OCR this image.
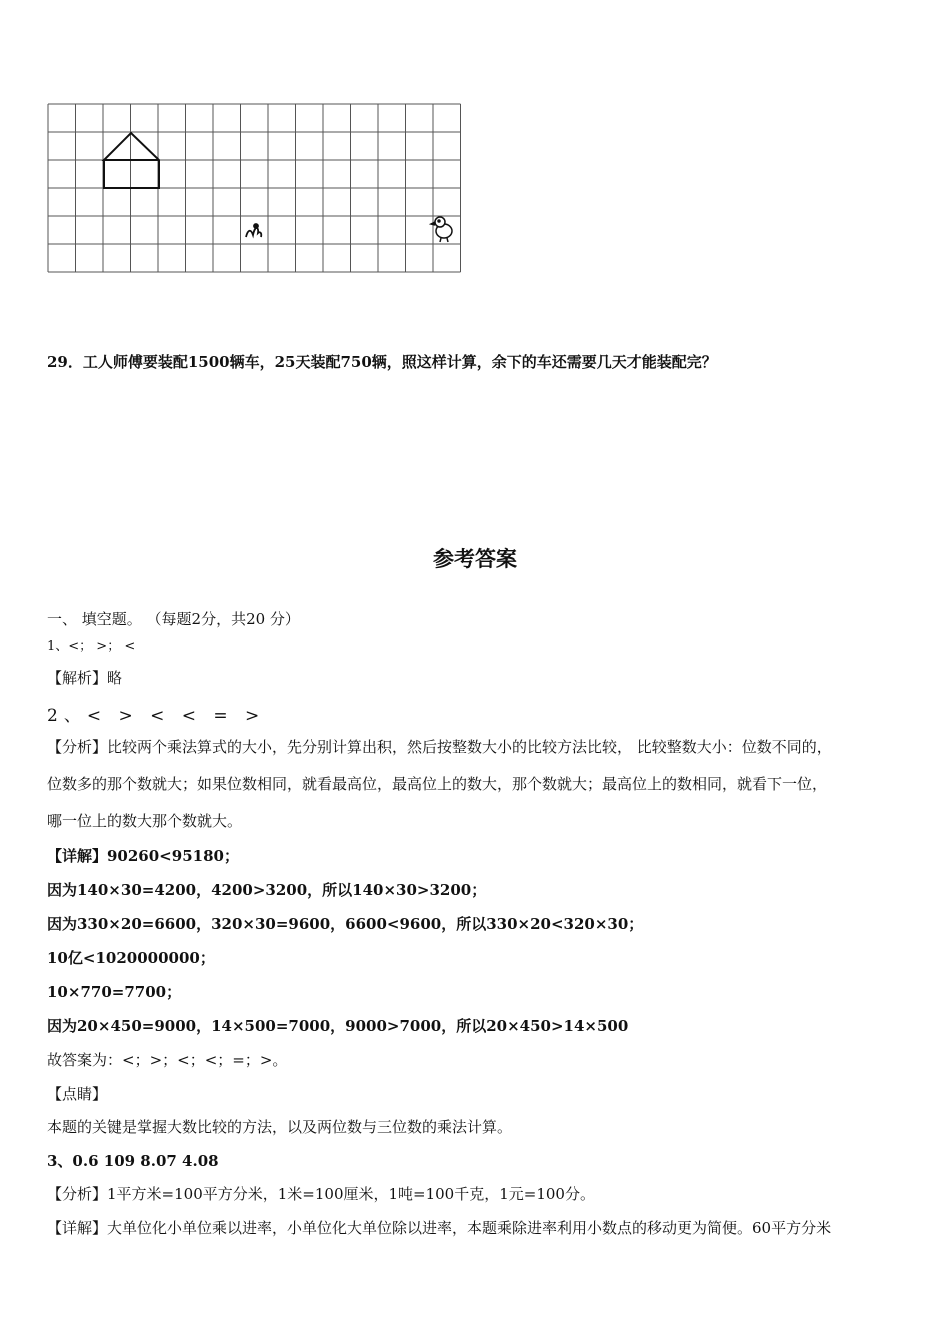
29．工人师傅要装配1500辆车，25天装配750辆，照这样计算，余下的车还需要几天才能装配完？
参考答案
一、 填空题。 （每题2分，共20 分）
1、<； >； <
【解析】略
2、< > < < = >
【分析】比较两个乘法算式的大小，先分别计算出积，然后按整数大小的比较方法比较， 比较整数大小：位数不同的，
位数多的那个数就大；如果位数相同，就看最高位，最高位上的数大，那个数就大；最高位上的数相同，就看下一位，
哪一位上的数大那个数就大。
【详解】90260<95180；
因为140×30=4200，4200>3200，所以140×30>3200；
因为330×20=6600，320×30=9600，6600<9600，所以330×20<320×30；
10亿<1020000000；
10×770=7700；
因为20×450=9000，14×500=7000，9000>7000，所以20×450>14×500
故答案为：<；>；<；<；=；>。
【点睛】
本题的关键是掌握大数比较的方法，以及两位数与三位数的乘法计算。
3、0.6 109 8.07 4.08
【分析】1平方米=100平方分米，1米=100厘米，1吨=100千克，1元=100分。
【详解】大单位化小单位乘以进率，小单位化大单位除以进率，本题乘除进率利用小数点的移动更为简便。60平方分米
